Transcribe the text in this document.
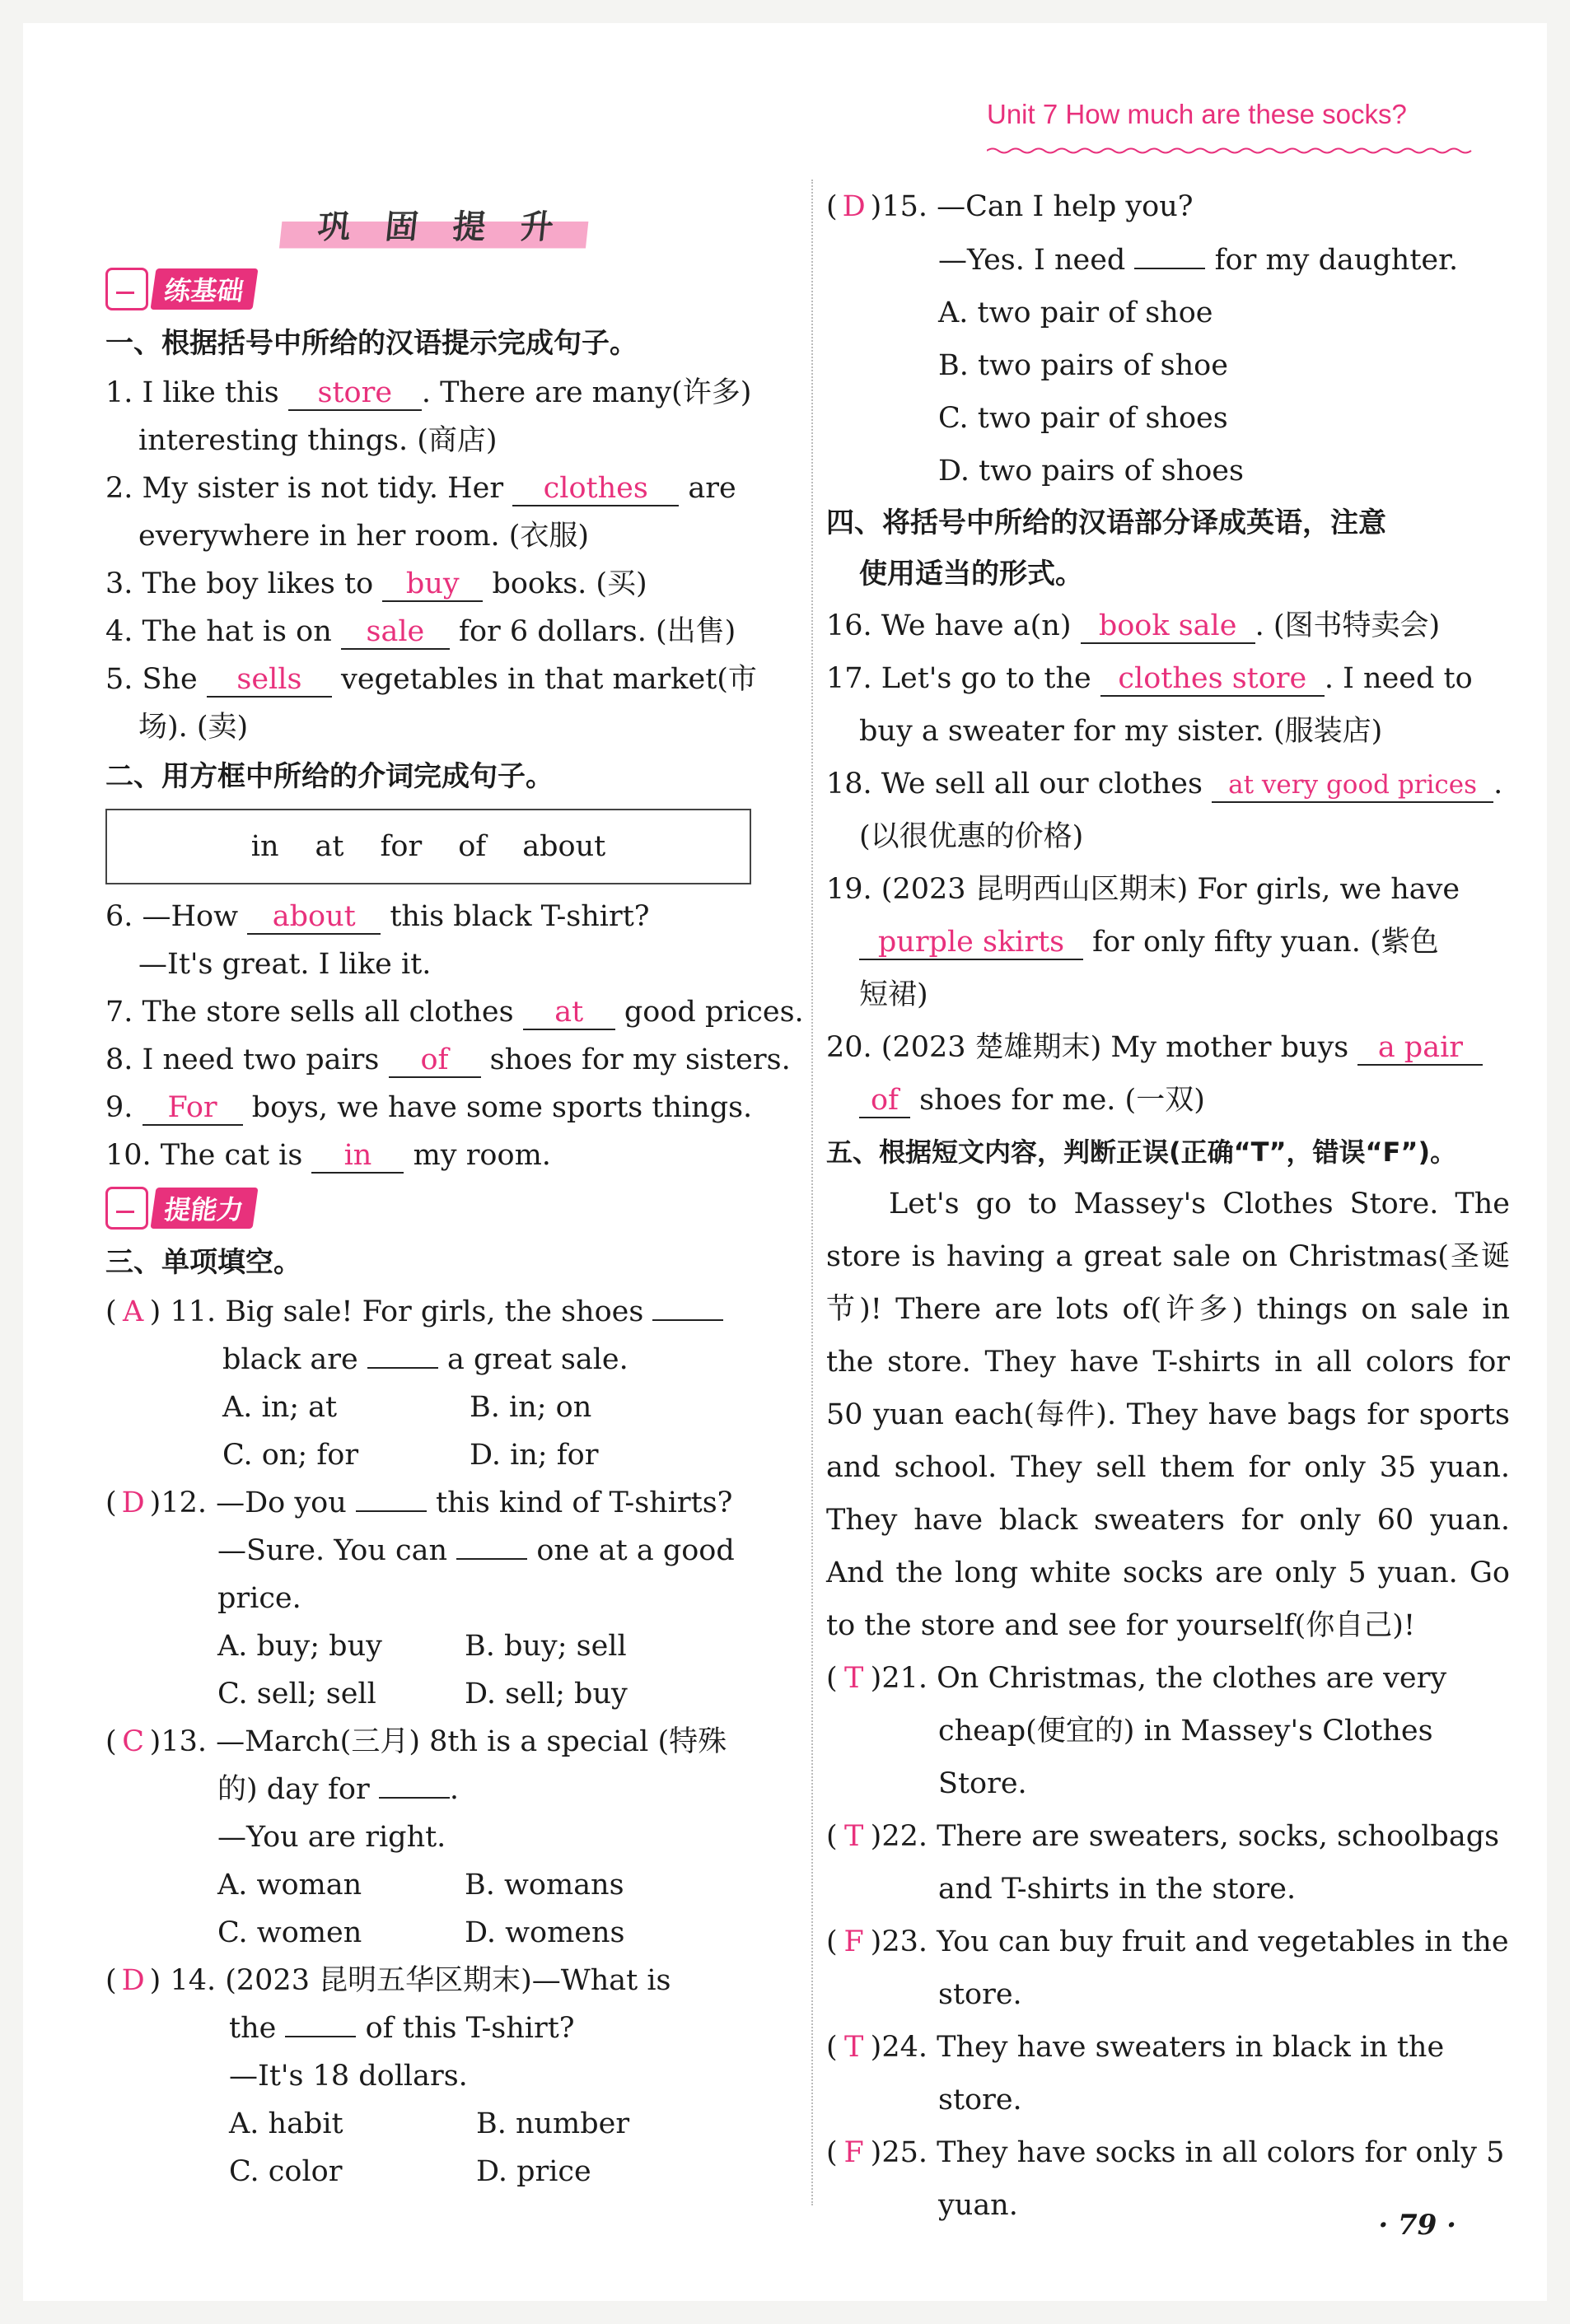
Unit 7 How much are these socks?
巩固提升
练基础
一、根据括号中所给的汉语提示完成句子。
1. I like this store . There are many(许多)
interesting things. (商店)
2. My sister is not tidy. Her clothes are
everywhere in her room. (衣服)
3. The boy likes to buy books. (买)
4. The hat is on sale for 6 dollars. (出售)
5. She sells vegetables in that market(市
场). (卖)
二、用方框中所给的介词完成句子。
in at for of about
6. —How about this black T-shirt?
—It's great. I like it.
7. The store sells all clothes at good prices.
8. I need two pairs of shoes for my sisters.
9. For boys, we have some sports things.
10. The cat is in my room.
提能力
三、单项填空。
( A ) 11. Big sale! For girls, the shoes
black are	a great sale.
A. in; at	B. in; on
C. on; for	D. in; for
( D )12. —Do you	this kind of T-shirts?
—Sure. You can	one at a good
price.
A. buy; buy	B. buy; sell
C. sell; sell	D. sell; buy
( C )13. —March(三月) 8th is a special (特殊
的) day for	.
—You are right.
A. woman	B. womans
C. women	D. womens
( D ) 14. (2023 昆明五华区期末)—What is
the	of this T-shirt?
—It's 18 dollars.
A. habit	B. number
C. color	D. price
( D )15. —Can I help you?
—Yes. I need	for my daughter.
A. two pair of shoe
B. two pairs of shoe
C. two pair of shoes
D. two pairs of shoes
四、将括号中所给的汉语部分译成英语，注意
使用适当的形式。
16. We have a(n) book sale . (图书特卖会)
17. Let's go to the clothes store . I need to
buy a sweater for my sister. (服装店)
18. We sell all our clothes at very good prices .
(以很优惠的价格)
19. (2023 昆明西山区期末) For girls, we have
purple skirts for only fifty yuan. (紫色
短裙)
20. (2023 楚雄期末) My mother buys a pair
of shoes for me. (一双)
五、根据短文内容，判断正误(正确“T”，错误“F”)。
Let's go to Massey's Clothes Store. The store is having a great sale on Christmas(圣诞节)! There are lots of(许多) things on sale in the store. They have T-shirts in all colors for 50 yuan each(每件). They have bags for sports and school. They sell them for only 35 yuan. They have black sweaters for only 60 yuan. And the long white socks are only 5 yuan. Go to the store and see for yourself(你自己)!
( T )21. On Christmas, the clothes are very
cheap(便宜的) in Massey's Clothes
Store.
( T )22. There are sweaters, socks, schoolbags
and T-shirts in the store.
( F )23. You can buy fruit and vegetables in the
store.
( T )24. They have sweaters in black in the
store.
( F )25. They have socks in all colors for only 5
yuan.
· 79 ·
